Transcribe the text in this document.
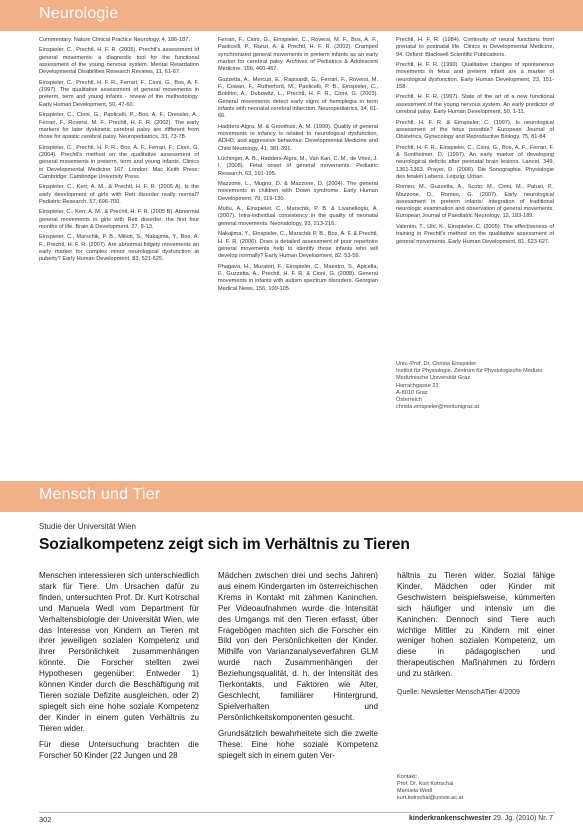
Neurologie

Commentary. Nature Clinical Practice Neurology, 4, 186-187.

Einspieler, C., Prechtl, H. F. R. (2005). Prechtl's assessment of general movements: a diagnostic tool for the functional assessment of the young nervous system. Mental Retardation Developmental Disabilities Research Reviews, 11, 61-67.

Einspieler, C., Prechtl, H. F. R., Ferrari, F., Cioni, G., Bos, A. F. (1997). The qualitative assessment of general movements in preterm, term and young infants - review of the methodology. Early Human Development, 50, 47-60.

Einspieler, C., Cioni, G., Paolicelli, P., Bos, A. F., Dressler, A., Ferrari, F., Roversi, M. F., Prechtl, H. F. R. (2002). The early markers for later dyskinetic cerebral palsy are different from those for spastic cerebral palsy. Neuropediatrics, 33, 73-78.

Einspieler, C., Prechtl, H. F. R., Bos, A. F., Ferrari, F., Cioni, G. (2004). Prechtl's method on the qualitative assessment of general movements in preterm, term and young infants. Clinics in Developmental Medicine 167. London: Mac Keith Press; Cambridge: Cambridge University Press.

Einspieler, C., Kerr, A. M., & Prechtl, H. F. R. (2005 A). Is the early development of girls with Rett disorder really normal? Pediatric Research, 57, 696-700.

Einspieler, C., Kerr, A. M., & Prechtl, H. F. R. (2005 B). Abnormal general movements in girls with Rett disorder: the first four months of life. Brain & Development, 27, 8-13.

Einspieler, C., Marschik, P. B., Milioti, S., Nakajima, Y., Bos, A. F., Prechtl, H. F. R. (2007). Are abnormal fidgety movements an early marker for complex minor neurological dysfunction at puberty? Early Human Development, 83, 521-525.

Ferrari, F., Cioni, G., Einspieler, C., Roversi, M. F., Bos, A. F., Paolicelli, P., Ranzi, A. & Prechtl, H. F. R. (2002). Cramped synchronized general movements in preterm infants as an early marker for cerebral palsy. Archives of Pediatrics & Adolescent Medicine, 156, 460-467.

Guzzetta, A., Mercuri, E., Rapisardi, G., Ferrari, F., Roversi, M. F., Cowan, F., Rutherford, M., Paolicelli, P. B., Einspieler, C., Boldrini, A., Dubowitz, L., Prechtl, H. F. R., Cioni, G. (2003). General movements detect early signs of hemiplegia in term infants with neonatal cerebral infarction. Neuropediatrics, 34, 61-66.

Hadders-Algra, M. & Groothuis, A. M. (1999). Quality of general movements in infancy is related to neurological dysfunction, ADHD, and aggressive behaviour. Developmental Medicine and Child Neurology, 41, 381-391.

Lüchinger, A. B., Hadders-Algra, M., Van Kan, C. M., de Vries, J. I. (2008). Fetal onset of general movements. Pediatric Research, 63, 191-195.

Mazzone, L., Mugno, D. & Mazzone, D. (2004). The general movements in children with Down syndrome. Early Human Development, 79, 119-130.

Mutlu, A., Einspieler, C., Marschik, P. B. & Livanelioglu, A. (2007). Intra-individual consistency in the quality of neonatal general movements. Neonatology, 93, 213-216.

Nakajima, Y., Einspieler, C., Marschik P. B., Bos, A. F. & Prechtl, H. F. R. (2006). Does a detailed assessment of poor repertoire general movements help to identify those infants who will develop normally? Early Human Development, 82, 53-59.

Phagava, H., Muratori, F., Einspieler, C., Maestro, S., Apicella, F., Guzzetta, A., Prechtl, H. F. R. & Cioni, G. (2008). General movements in infants with autism spectrum disorders. Georgian Medical News, 156, 100-105.

Prechtl, H. F. R. (1984). Continuity of neural functions from prenatal to postnatal life. Clinics in Developmental Medicine, 94. Oxford: Blackwell Scientific Publications.

Prechtl, H. F. R. (1990). Qualitative changes of spontaneous movements in fetus and preterm infant are a marker of neurological dysfunction. Early Human Development, 23, 151-158.

Prechtl, H. F. R. (1997). State of the art of a new functional assessment of the young nervous system. An early predictor of cerebral palsy. Early Human Development, 50, 1-11.

Prechtl, H. F. R. & Einspieler, C. (1997). Is neurological assessment of the fetus possible? European Journal of Obstetrics, Gynecology and Reproductive Biology, 75, 81-84.

Prechtl, H. F. R., Einspieler, C., Cioni, G., Bos, A. F., Ferrari, F. & Sontheimer, D. (1997). An early marker of developing neurological deficits after perinatal brain lesions. Lancet, 349, 1361-1363. Prayer, D. (2006). Die Sonographie. Physiologie des fetalen Lebens. Leipzig: Urban.

Romeo, M., Guzzetta, A., Scoto, M., Cioni, M., Patusi, P., Mazzone, D., Romeo, G. (2007). Early neurological assessment in preterm infants: integration of traditional neurologic examination and observation of general movements. European Journal of Paediatric Neurology, 12, 183-189.

Valentin, T., Uhl, K., Einspieler, C. (2005). The effectiveness of training in Prechtl's method on the qualitative assessment of general movements. Early Human Development, 81, 623-627.

Univ.-Prof. Dr. Christa Einspieler
Institut für Physiologie, Zentrum für Physiologische Medizin
Medizinische Universität Graz
Harrachgasse 21
A-8010 Graz
Österreich
christa.einspieler@medunigraz.at
Mensch und Tier
Studie der Universität Wien
Sozialkompetenz zeigt sich im Verhältnis zu Tieren

Menschen interessieren sich unterschiedlich stark für Tiere. Um Ursachen dafür zu finden, untersuchten Prof. Dr. Kurt Kotrschal und Manuela Wedl vom Department für Verhaltensbiologie der Universität Wien, wie das Interesse von Kindern an Tieren mit ihrer jeweiligen sozialen Kompetenz und ihrer Persönlichkeit zusammenhängen könnte. Die Forscher stellten zwei Hypothesen gegenüber: Entweder 1) können Kinder durch die Beschäftigung mit Tieren soziale Defizite ausgleichen, oder 2) spiegelt sich eine hohe soziale Kompetenz der Kinder in einem guten Verhältnis zu Tieren wider.

Für diese Untersuchung brachten die Forscher 50 Kinder (22 Jungen und 28

Mädchen zwischen drei und sechs Jahren) aus einem Kindergarten im österreichischen Krems in Kontakt mit zahmen Kaninchen. Per Videoaufnahmen wurde die Intensität des Umgangs mit den Tieren erfasst, über Fragebögen machten sich die Forscher ein Bild von den Persönlichkeiten der Kinder. Mithilfe von Varianzanalyseverfahren GLM wurde nach Zusammenhängen der Beziehungsqualität, d. h. der Intensität des Tierkontakts, und Faktoren wie Alter, Geschlecht, familiärer Hintergrund, Spielverhalten und Persönlichkeitskomponenten gesucht.

Grundsätzlich bewahrheitete sich die zweite These: Eine hohe soziale Kompetenz spiegelt sich in einem guten Ver-

hältnis zu Tieren wider. Sozial fähige Kinder, Mädchen oder Kinder mit Geschwistern beispielsweise, kümmerten sich häufiger und intensiv um die Kaninchen. Dennoch sind Tiere auch wichtige Mittler zu Kindern mit einer weniger hohen sozialen Kompetenz, um diese in pädagogischen und therapeutischen Maßnahmen zu fördern und zu stärken.

Quelle: Newsletter MenschATier 4/2009
Kontakt:
Prof. Dr. Kurt Kotrschal
Manuela Wedl
kurt.kotrschal@univie.ac.at
302	kinderkrankenschwester 29. Jg. (2010) Nr. 7
